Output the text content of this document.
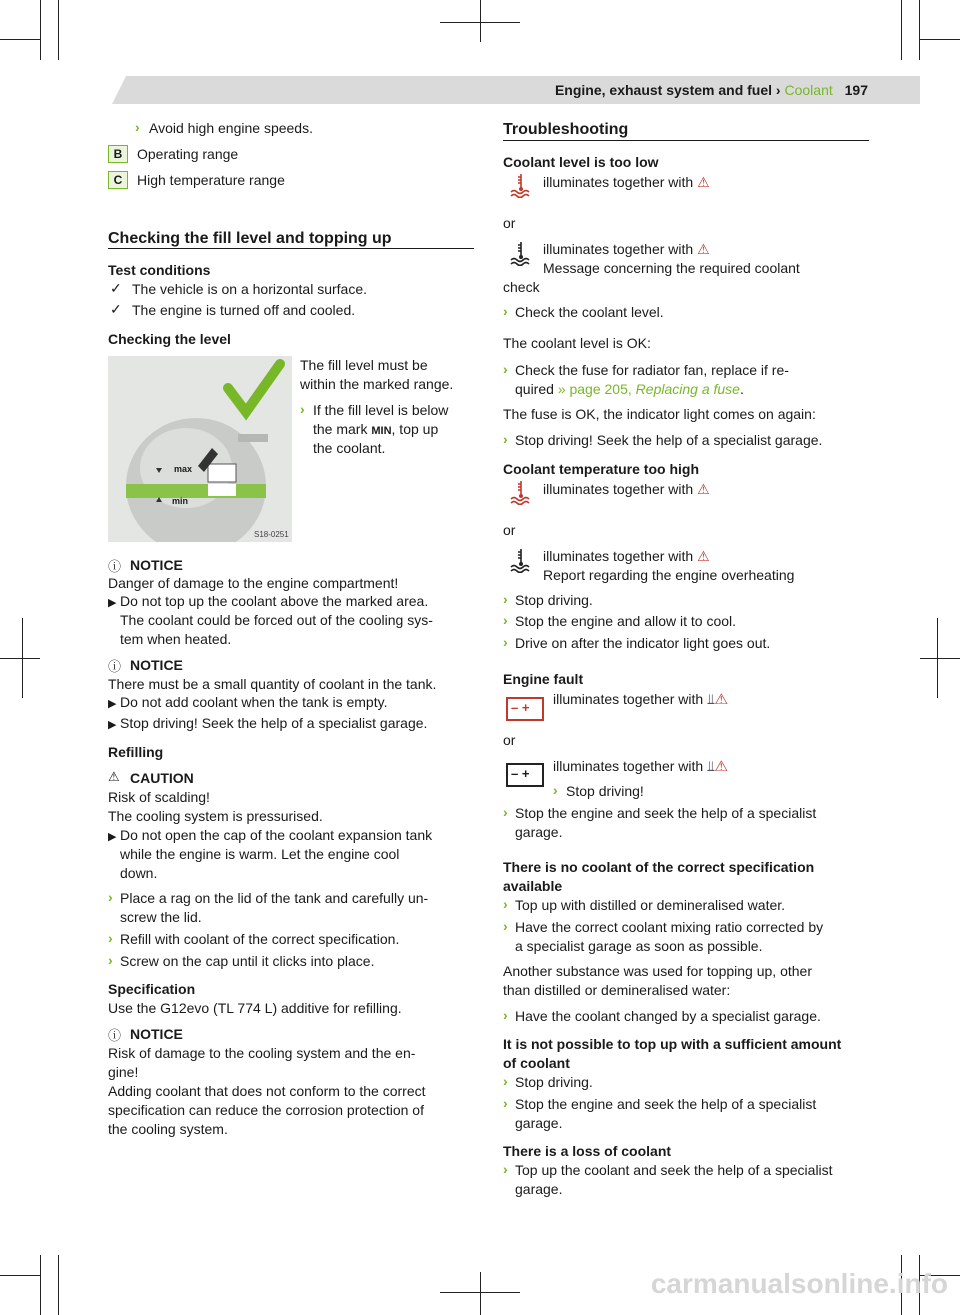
Engine, exhaust system and fuel › Coolant 197
› Avoid high engine speeds.
B	Operating range
C	High temperature range
Checking the fill level and topping up
Test conditions
✓ The vehicle is on a horizontal surface.
✓ The engine is turned off and cooled.
Checking the level
max
min
S18-0251
The fill level must be
within the marked range.
› If the fill level is below
the mark MIN, top up
the coolant.
ⓘ NOTICE
Danger of damage to the engine compartment!
▶ Do not top up the coolant above the marked area.
The coolant could be forced out of the cooling sys-
tem when heated.
ⓘ NOTICE
There must be a small quantity of coolant in the tank.
▶ Do not add coolant when the tank is empty.
▶ Stop driving! Seek the help of a specialist garage.
Refilling
⚠ CAUTION
Risk of scalding!
The cooling system is pressurised.
▶ Do not open the cap of the coolant expansion tank
while the engine is warm. Let the engine cool
down.
› Place a rag on the lid of the tank and carefully un-
screw the lid.
› Refill with coolant of the correct specification.
› Screw on the cap until it clicks into place.
Specification
Use the G12evo (TL 774 L) additive for refilling.
ⓘ NOTICE
Risk of damage to the cooling system and the en-
gine!
Adding coolant that does not conform to the correct
specification can reduce the corrosion protection of
the cooling system.
Troubleshooting
Coolant level is too low
illuminates together with ⚠
or
illuminates together with ⚠
Message concerning the required coolant
check
› Check the coolant level.
The coolant level is OK:
› Check the fuse for radiator fan, replace if re-
quired » page 205, Replacing a fuse.
The fuse is OK, the indicator light comes on again:
› Stop driving! Seek the help of a specialist garage.
Coolant temperature too high
illuminates together with ⚠
or
illuminates together with ⚠
Report regarding the engine overheating
› Stop driving.
› Stop the engine and allow it to cool.
› Drive on after the indicator light goes out.
Engine fault
– +
illuminates together with ⫫⚠
or
– + illuminates together with ⫫⚠
› Stop driving!
› Stop the engine and seek the help of a specialist
garage.
There is no coolant of the correct specification
available
› Top up with distilled or demineralised water.
› Have the correct coolant mixing ratio corrected by
a specialist garage as soon as possible.
Another substance was used for topping up, other
than distilled or demineralised water:
› Have the coolant changed by a specialist garage.
It is not possible to top up with a sufficient amount
of coolant
› Stop driving.
› Stop the engine and seek the help of a specialist
garage.
There is a loss of coolant
› Top up the coolant and seek the help of a specialist
garage.
carmanualsonline.info
